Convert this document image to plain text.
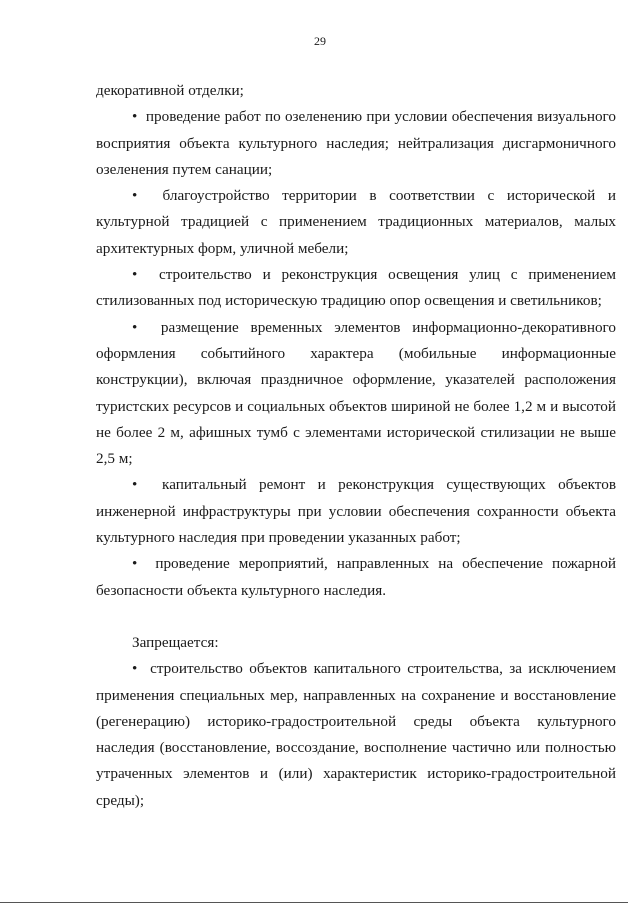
29

декоративной отделки;

•  проведение работ по озеленению при условии обеспечения визуального восприятия объекта культурного наследия; нейтрализация дисгармоничного озеленения путем санации;

•  благоустройство территории в соответствии с исторической и культурной традицией с применением традиционных материалов, малых архитектурных форм, уличной мебели;

•  строительство и реконструкция освещения улиц с применением стилизованных под историческую традицию опор освещения и светильников;

•  размещение временных элементов информационно-декоративного оформления событийного характера (мобильные информационные конструкции), включая праздничное оформление, указателей расположения туристских ресурсов и социальных объектов шириной не более 1,2 м и высотой не более 2 м, афишных тумб с элементами исторической стилизации не выше 2,5 м;

•  капитальный ремонт и реконструкция существующих объектов инженерной инфраструктуры при условии обеспечения сохранности объекта культурного наследия при проведении указанных работ;

•  проведение мероприятий, направленных на обеспечение пожарной безопасности объекта культурного наследия.

Запрещается:

•  строительство объектов капитального строительства, за исключением применения специальных мер, направленных на сохранение и восстановление (регенерацию) историко-градостроительной среды объекта культурного наследия (восстановление, воссоздание, восполнение частично или полностью утраченных элементов и (или) характеристик историко-градостроительной среды);
